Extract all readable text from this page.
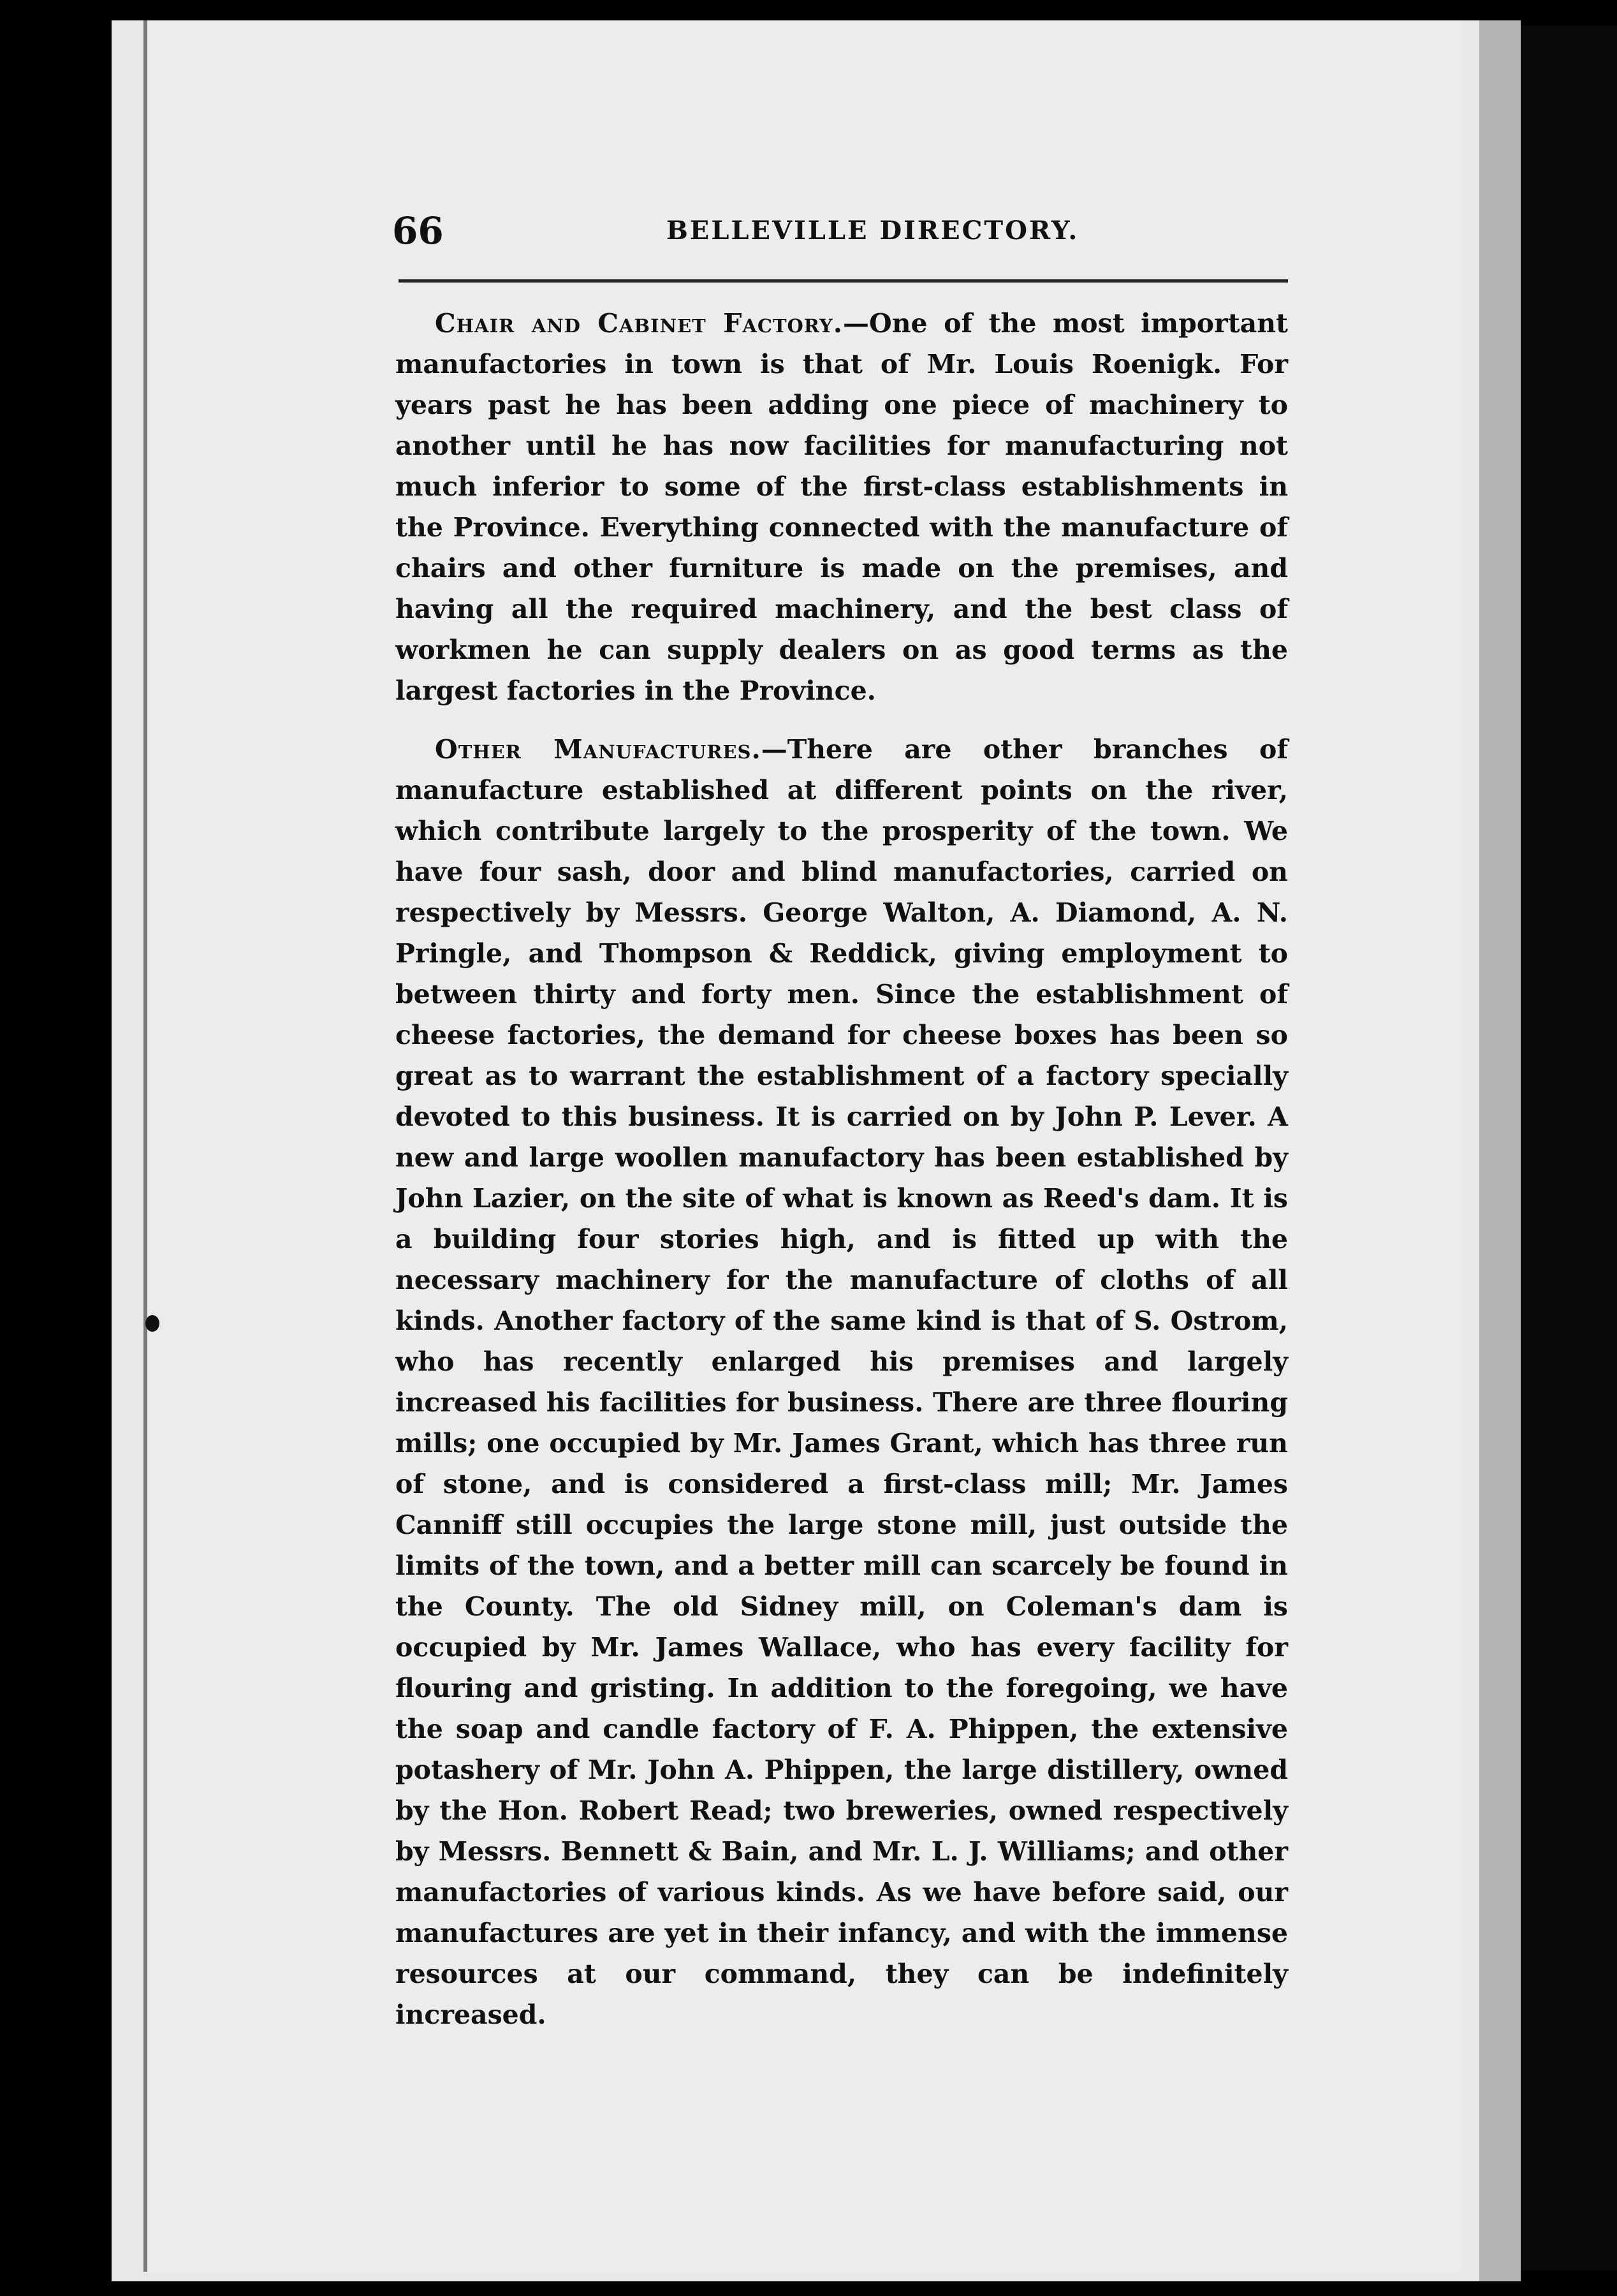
66	BELLEVILLE DIRECTORY.

Chair and Cabinet Factory.—One of the most important manufactories in town is that of Mr. Louis Roenigk. For years past he has been adding one piece of machinery to another until he has now facilities for manufacturing not much inferior to some of the first-class establishments in the Province. Everything connected with the manufacture of chairs and other furniture is made on the premises, and having all the required machinery, and the best class of workmen he can supply dealers on as good terms as the largest factories in the Province.

Other Manufactures.—There are other branches of manufacture established at different points on the river, which contribute largely to the prosperity of the town. We have four sash, door and blind manufactories, carried on respectively by Messrs. George Walton, A. Diamond, A. N. Pringle, and Thompson & Reddick, giving employment to between thirty and forty men. Since the establishment of cheese factories, the demand for cheese boxes has been so great as to warrant the establishment of a factory specially devoted to this business. It is carried on by John P. Lever. A new and large woollen manufactory has been established by John Lazier, on the site of what is known as Reed's dam. It is a building four stories high, and is fitted up with the necessary machinery for the manufacture of cloths of all kinds. Another factory of the same kind is that of S. Ostrom, who has recently enlarged his premises and largely increased his facilities for business. There are three flouring mills; one occupied by Mr. James Grant, which has three run of stone, and is considered a first-class mill; Mr. James Canniff still occupies the large stone mill, just outside the limits of the town, and a better mill can scarcely be found in the County. The old Sidney mill, on Coleman's dam is occupied by Mr. James Wallace, who has every facility for flouring and gristing. In addition to the foregoing, we have the soap and candle factory of F. A. Phippen, the extensive potashery of Mr. John A. Phippen, the large distillery, owned by the Hon. Robert Read; two breweries, owned respectively by Messrs. Bennett & Bain, and Mr. L. J. Williams; and other manufactories of various kinds. As we have before said, our manufactures are yet in their infancy, and with the immense resources at our command, they can be indefinitely increased.
